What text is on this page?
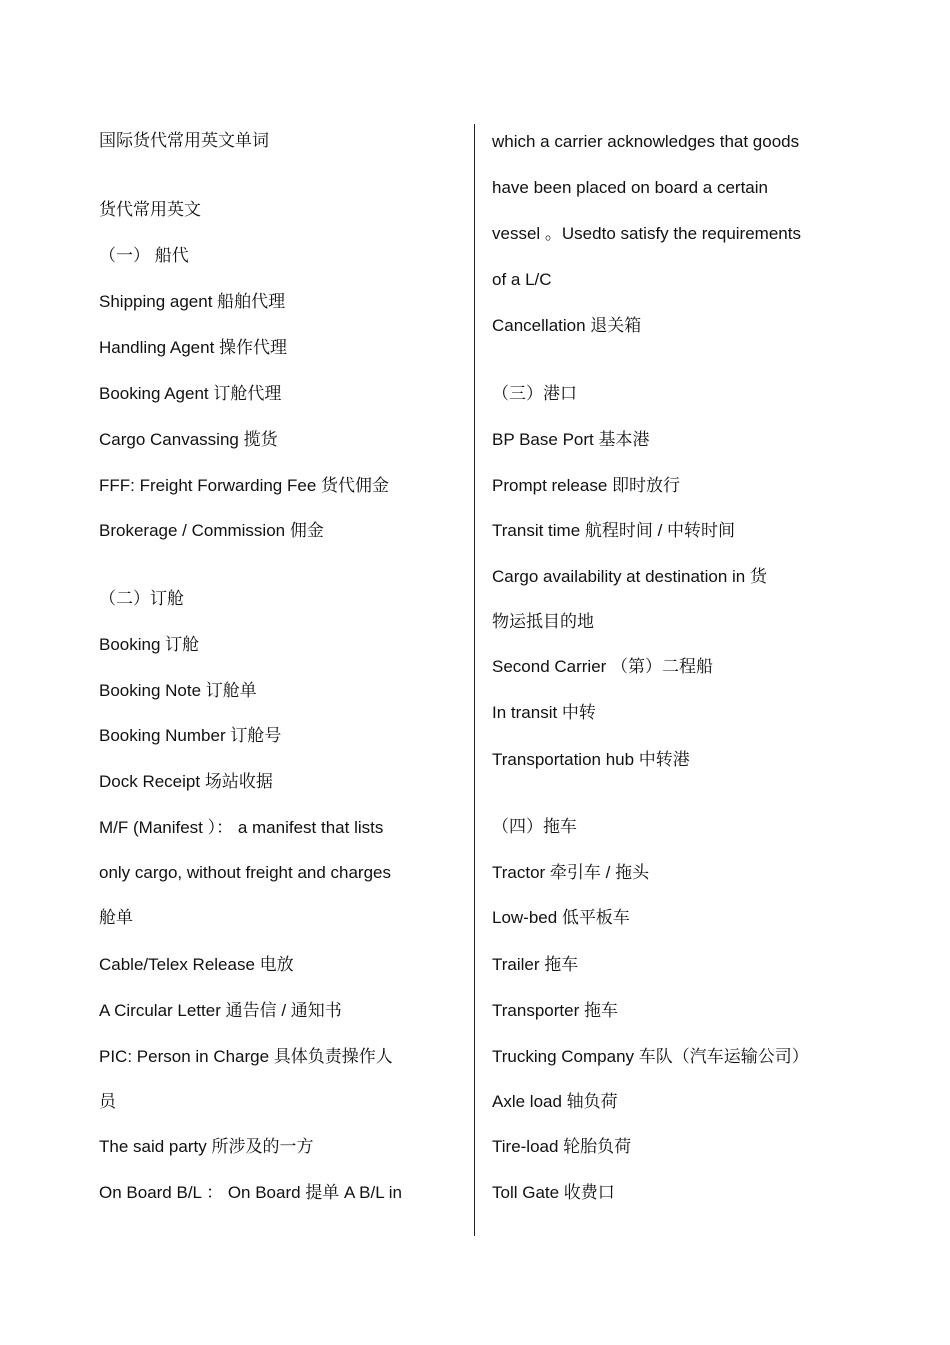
国际货代常用英文单词
货代常用英文
（一） 船代
Shipping agent 船舶代理
Handling Agent 操作代理
Booking Agent 订舱代理
Cargo Canvassing 揽货
FFF: Freight Forwarding Fee 货代佣金
Brokerage / Commission 佣金
（二）订舱
Booking 订舱
Booking Note 订舱单
Booking Number 订舱号
Dock Receipt 场站收据
M/F (Manifest ）： a manifest that lists
only cargo, without freight and charges
舱单
Cable/Telex Release 电放
A Circular Letter 通告信 / 通知书
PIC: Person in Charge 具体负责操作人
员
The said party 所涉及的一方
On Board B/L ： On Board 提单 A B/L in
which a carrier acknowledges that goods
have been placed on board a certain
vessel 。Usedto satisfy the requirements
of a L/C
Cancellation 退关箱
（三）港口
BP Base Port 基本港
Prompt release 即时放行
Transit time 航程时间 / 中转时间
Cargo availability at destination in 货
物运抵目的地
Second Carrier （第）二程船
In transit 中转
Transportation hub 中转港
（四）拖车
Tractor 牵引车 / 拖头
Low-bed 低平板车
Trailer 拖车
Transporter 拖车
Trucking Company 车队（汽车运输公司）
Axle load 轴负荷
Tire-load 轮胎负荷
Toll Gate 收费口
